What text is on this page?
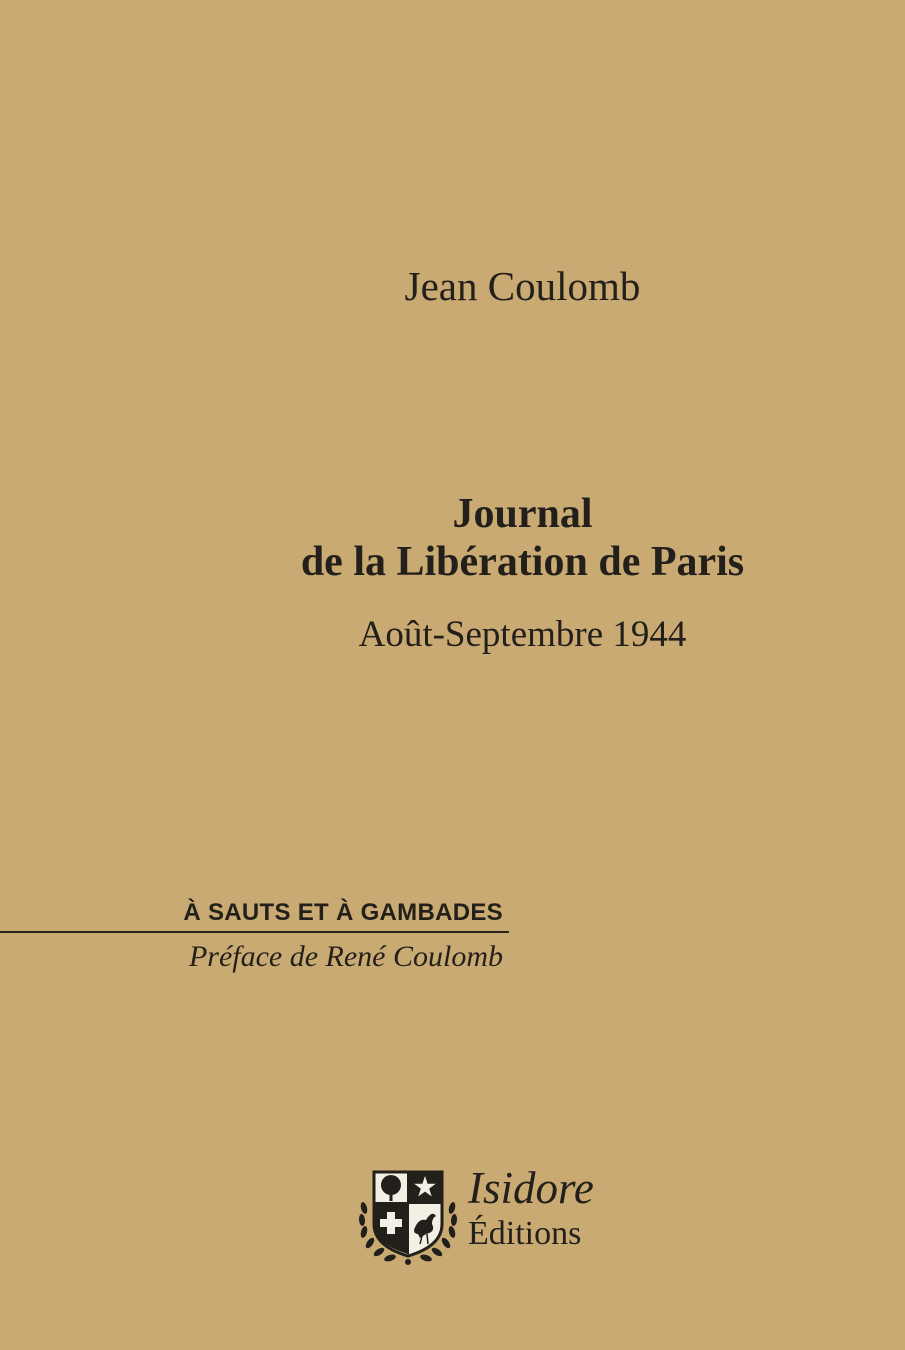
Jean Coulomb
Journal
de la Libération de Paris
Août-Septembre 1944
À SAUTS ET À GAMBADES
Préface de René Coulomb
Isidore
Éditions
